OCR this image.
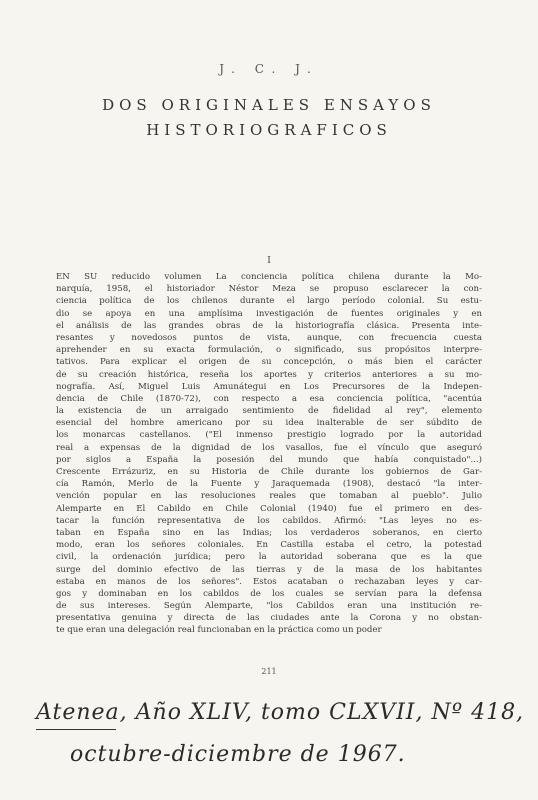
J. C. J.
DOS ORIGINALES ENSAYOS
HISTORIOGRAFICOS
I
EN SU reducido volumen La conciencia política chilena durante la Mo-
narquía, 1958, el historiador Néstor Meza se propuso esclarecer la con-
ciencia política de los chilenos durante el largo período colonial. Su estu-
dio se apoya en una amplísima investigación de fuentes originales y en
el análisis de las grandes obras de la historiografía clásica. Presenta inte-
resantes y novedosos puntos de vista, aunque, con frecuencia cuesta
aprehender en su exacta formulación, o significado, sus propósitos interpre-
tativos. Para explicar el origen de su concepción, o más bien el carácter
de su creación histórica, reseña los aportes y criterios anteriores a su mo-
nografía. Así, Miguel Luis Amunátegui en Los Precursores de la Indepen-
dencia de Chile (1870-72), con respecto a esa conciencia política, "acentúa
la existencia de un arraigado sentimiento de fidelidad al rey", elemento
esencial del hombre americano por su idea inalterable de ser súbdito de
los monarcas castellanos. ("El inmenso prestigio logrado por la autoridad
real a expensas de la dignidad de los vasallos, fue el vínculo que aseguró
por siglos a España la posesión del mundo que había conquistado"...)
Crescente Errázuriz, en su Historia de Chile durante los gobiernos de Gar-
cía Ramón, Merlo de la Fuente y Jaraquemada (1908), destacó "la inter-
vención popular en las resoluciones reales que tomaban al pueblo". Julio
Alemparte en El Cabildo en Chile Colonial (1940) fue el primero en des-
tacar la función representativa de los cabildos. Afirmó: "Las leyes no es-
taban en España sino en las Indias; los verdaderos soberanos, en cierto
modo, eran los señores coloniales. En Castilla estaba el cetro, la potestad
civil, la ordenación jurídica; pero la autoridad soberana que es la que
surge del dominio efectivo de las tierras y de la masa de los habitantes
estaba en manos de los señores". Estos acataban o rechazaban leyes y car-
gos y dominaban en los cabildos de los cuales se servían para la defensa
de sus intereses. Según Alemparte, "los Cabildos eran una institución re-
presentativa genuina y directa de las ciudades ante la Corona y no obstan-
te que eran una delegación real funcionaban en la práctica como un poder
211
Atenea, Año XLIV, tomo CLXVII, Nº 418,
octubre-diciembre de 1967.
